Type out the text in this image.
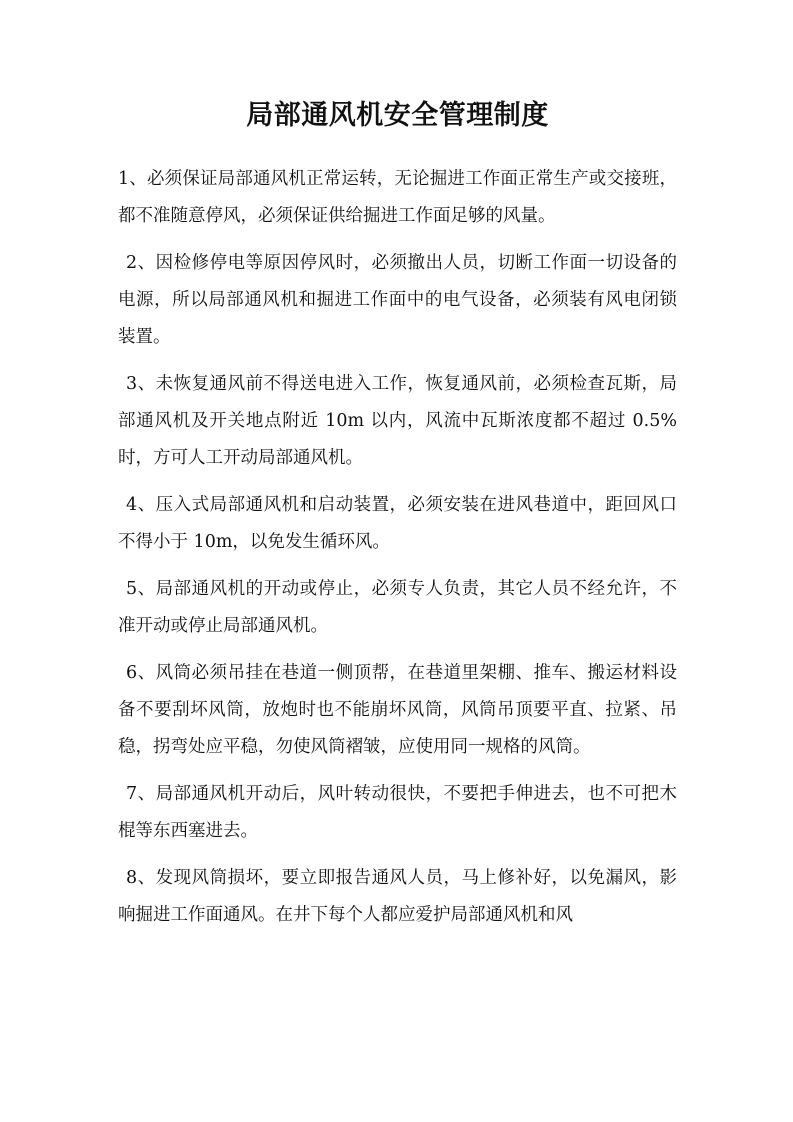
局部通风机安全管理制度

1、必须保证局部通风机正常运转，无论掘进工作面正常生产或交接班，都不准随意停风，必须保证供给掘进工作面足够的风量。

2、因检修停电等原因停风时，必须撤出人员，切断工作面一切设备的电源，所以局部通风机和掘进工作面中的电气设备，必须装有风电闭锁装置。

3、未恢复通风前不得送电进入工作，恢复通风前，必须检查瓦斯，局部通风机及开关地点附近 10m 以内，风流中瓦斯浓度都不超过 0.5%时，方可人工开动局部通风机。

4、压入式局部通风机和启动装置，必须安装在进风巷道中，距回风口不得小于 10m，以免发生循环风。

5、局部通风机的开动或停止，必须专人负责，其它人员不经允许，不准开动或停止局部通风机。

6、风筒必须吊挂在巷道一侧顶帮，在巷道里架棚、推车、搬运材料设备不要刮坏风筒，放炮时也不能崩坏风筒，风筒吊顶要平直、拉紧、吊稳，拐弯处应平稳，勿使风筒褶皱，应使用同一规格的风筒。

7、局部通风机开动后，风叶转动很快，不要把手伸进去，也不可把木棍等东西塞进去。

8、发现风筒损坏，要立即报告通风人员，马上修补好，以免漏风，影响掘进工作面通风。在井下每个人都应爱护局部通风机和风
